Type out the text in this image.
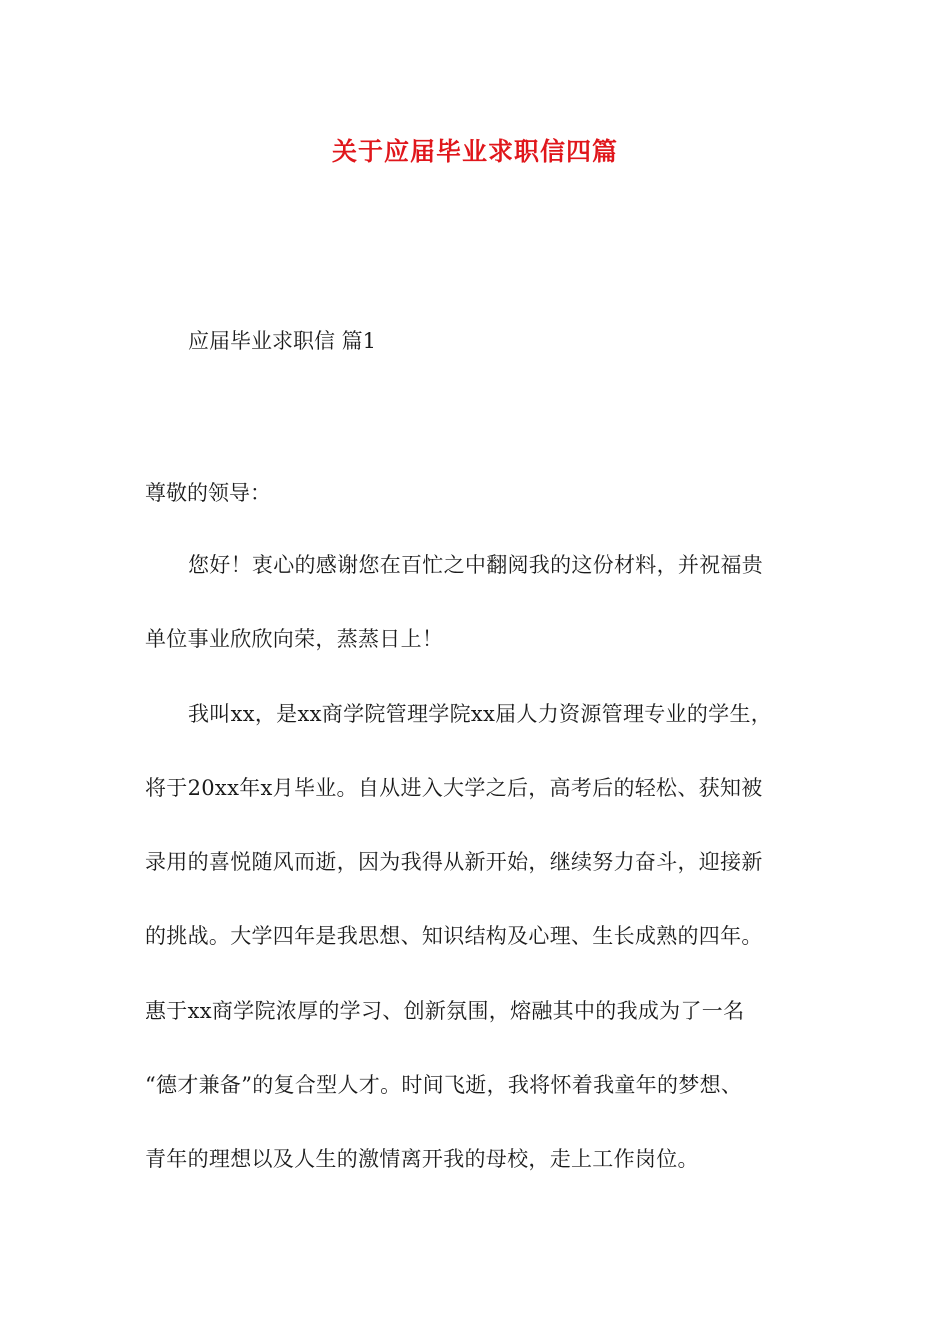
关于应届毕业求职信四篇
应届毕业求职信 篇1
尊敬的领导：
您好！衷心的感谢您在百忙之中翻阅我的这份材料，并祝福贵
单位事业欣欣向荣，蒸蒸日上！
我叫xx，是xx商学院管理学院xx届人力资源管理专业的学生，
将于20xx年x月毕业。自从进入大学之后，高考后的轻松、获知被
录用的喜悦随风而逝，因为我得从新开始，继续努力奋斗，迎接新
的挑战。大学四年是我思想、知识结构及心理、生长成熟的四年。
惠于xx商学院浓厚的学习、创新氛围，熔融其中的我成为了一名
“德才兼备”的复合型人才。时间飞逝，我将怀着我童年的梦想、
青年的理想以及人生的激情离开我的母校，走上工作岗位。
